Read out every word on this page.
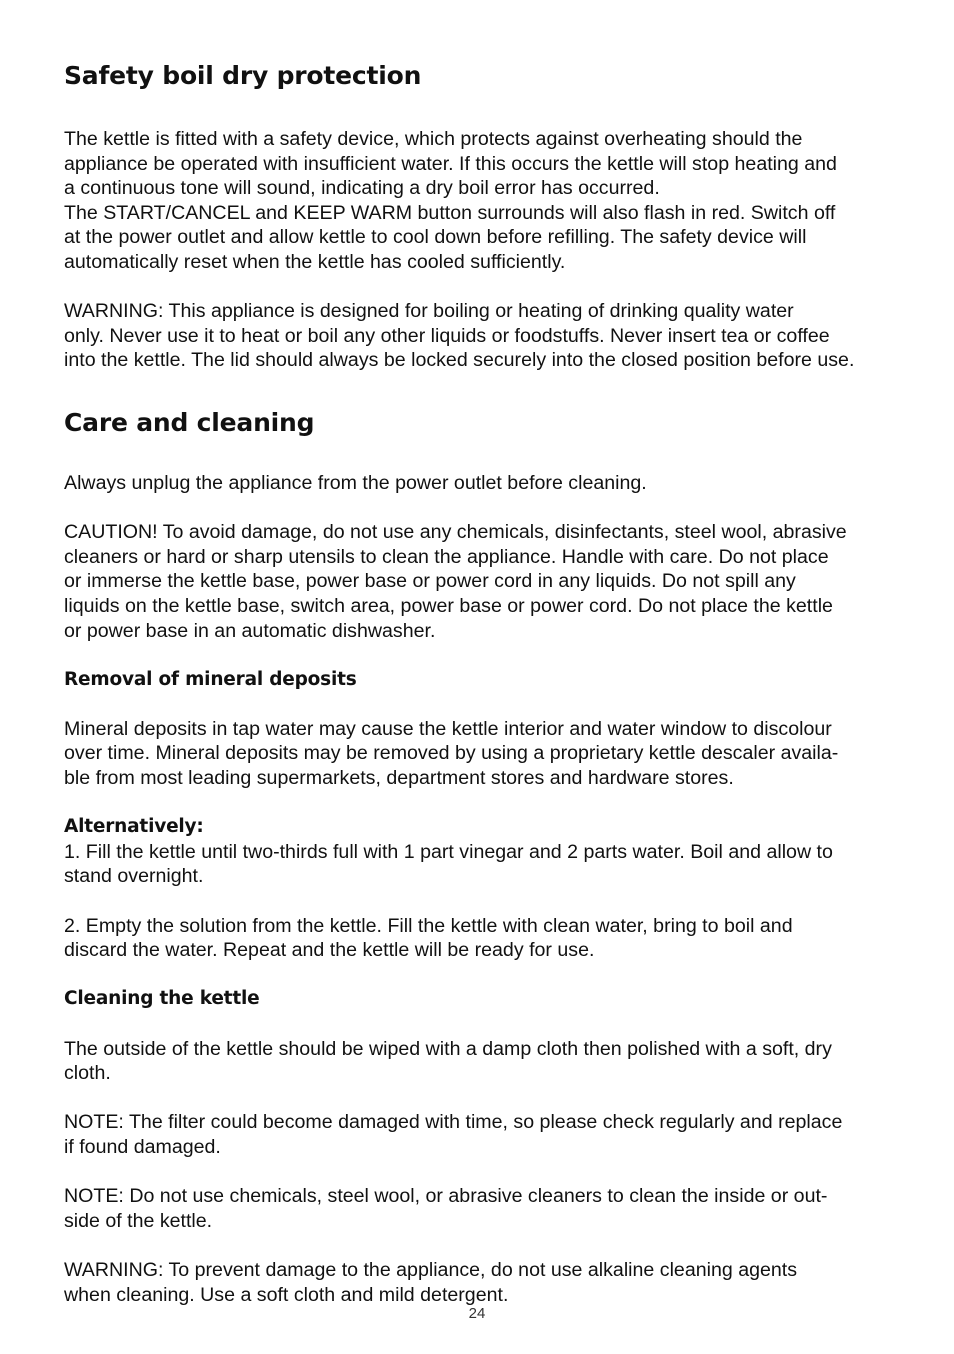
Safety boil dry protection

The kettle is fitted with a safety device, which protects against overheating should the
appliance be operated with insufficient water. If this occurs the kettle will stop heating and
a continuous tone will sound, indicating a dry boil error has occurred.
The START/CANCEL and KEEP WARM button surrounds will also flash in red. Switch off
at the power outlet and allow kettle to cool down before refilling. The safety device will
automatically reset when the kettle has cooled sufficiently.

WARNING: This appliance is designed for boiling or heating of drinking quality water
only. Never use it to heat or boil any other liquids or foodstuffs. Never insert tea or coffee
into the kettle. The lid should always be locked securely into the closed position before use.

Care and cleaning

Always unplug the appliance from the power outlet before cleaning.

CAUTION! To avoid damage, do not use any chemicals, disinfectants, steel wool, abrasive
cleaners or hard or sharp utensils to clean the appliance. Handle with care. Do not place
or immerse the kettle base, power base or power cord in any liquids. Do not spill any
liquids on the kettle base, switch area, power base or power cord. Do not place the kettle
or power base in an automatic dishwasher.

Removal of mineral deposits

Mineral deposits in tap water may cause the kettle interior and water window to discolour
over time. Mineral deposits may be removed by using a proprietary kettle descaler availa-
ble from most leading supermarkets, department stores and hardware stores.

Alternatively:

1. Fill the kettle until two-thirds full with 1 part vinegar and 2 parts water. Boil and allow to
stand overnight.

2. Empty the solution from the kettle. Fill the kettle with clean water, bring to boil and
discard the water. Repeat and the kettle will be ready for use.

Cleaning the kettle

The outside of the kettle should be wiped with a damp cloth then polished with a soft, dry
cloth.

NOTE: The filter could become damaged with time, so please check regularly and replace
if found damaged.

NOTE: Do not use chemicals, steel wool, or abrasive cleaners to clean the inside or out-
side of the kettle.

WARNING: To prevent damage to the appliance, do not use alkaline cleaning agents
when cleaning. Use a soft cloth and mild detergent.

24
